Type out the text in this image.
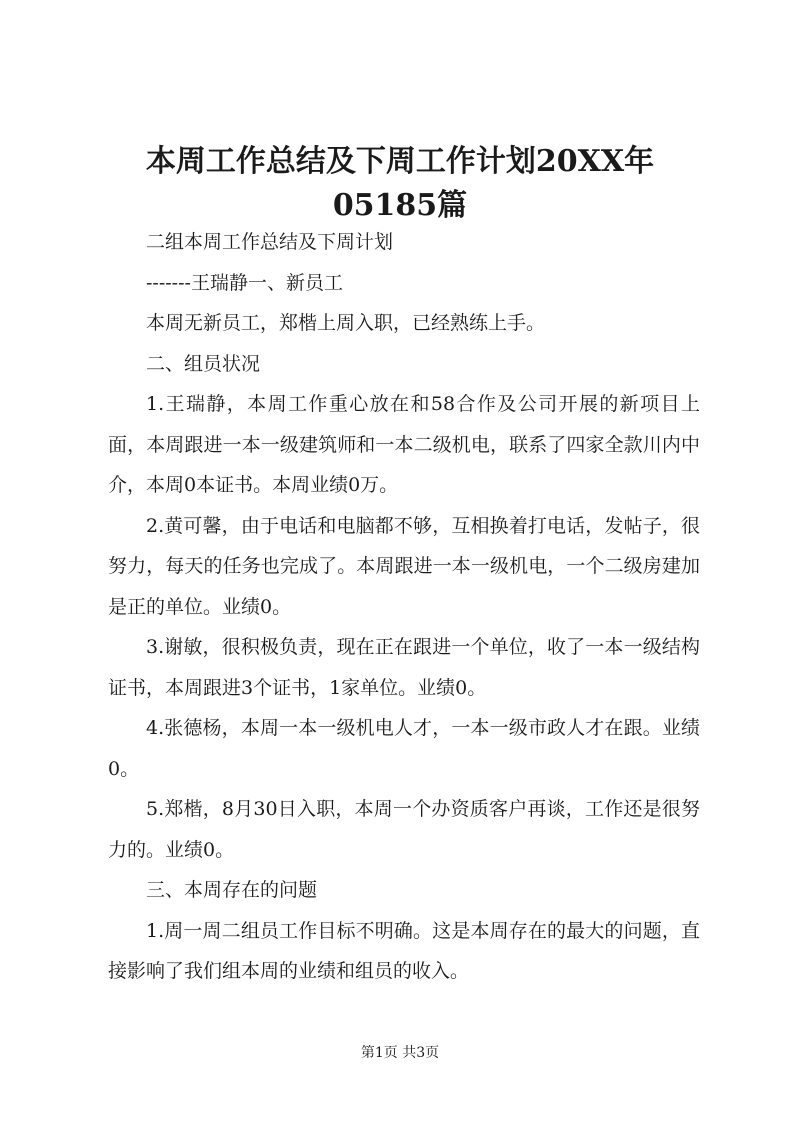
本周工作总结及下周工作计划20XX年05185篇

二组本周工作总结及下周计划

-------王瑞静一、新员工

本周无新员工，郑楷上周入职，已经熟练上手。

二、组员状况

1.王瑞静，本周工作重心放在和58合作及公司开展的新项目上面，本周跟进一本一级建筑师和一本二级机电，联系了四家全款川内中介，本周0本证书。本周业绩0万。

2.黄可馨，由于电话和电脑都不够，互相换着打电话，发帖子，很努力，每天的任务也完成了。本周跟进一本一级机电，一个二级房建加是正的单位。业绩0。

3.谢敏，很积极负责，现在正在跟进一个单位，收了一本一级结构证书，本周跟进3个证书，1家单位。业绩0。

4.张德杨，本周一本一级机电人才，一本一级市政人才在跟。业绩0。

5.郑楷，8月30日入职，本周一个办资质客户再谈，工作还是很努力的。业绩0。

三、本周存在的问题

1.周一周二组员工作目标不明确。这是本周存在的最大的问题，直接影响了我们组本周的业绩和组员的收入。

第1页 共3页
